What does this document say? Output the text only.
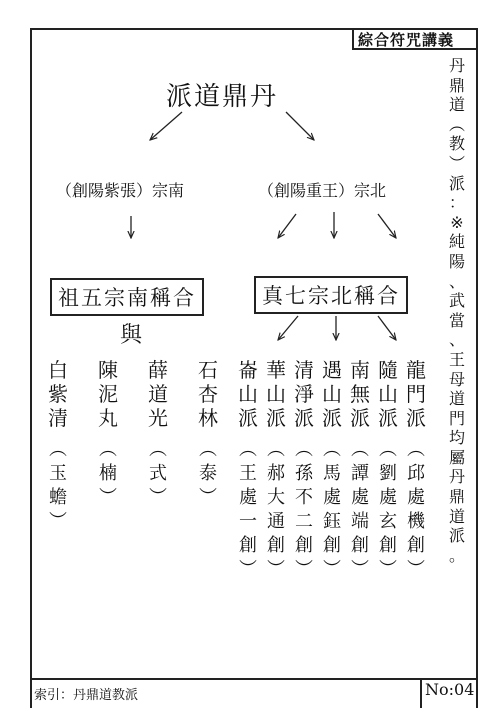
綜合符咒講義
丹
鼎
道
︵
教
︶
派
：
※
純
陽
、
武
當
、
王
母
道
門
均
屬
丹
鼎
道
派
。
派道鼎丹
（創陽紫張）宗南	（創陽重王）宗北
祖五宗南稱合	真七宗北稱合
與
龍
門
派
︵
邱
處
機
創
︶
隨
山
派
︵
劉
處
玄
創
︶
南
無
派
︵
譚
處
端
創
︶
遇
山
派
︵
馬
處
鈺
創
︶
清
淨
派
︵
孫
不
二
創
︶
華
山
派
︵
郝
大
通
創
︶
崙
山
派
︵
王
處
一
創
︶
石
杏
林
︵
泰
︶
薛
道
光
︵
式
︶
陳
泥
丸
︵
楠
︶
白
紫
清
︵
玉
蟾
︶
索引：丹鼎道教派	No:04
